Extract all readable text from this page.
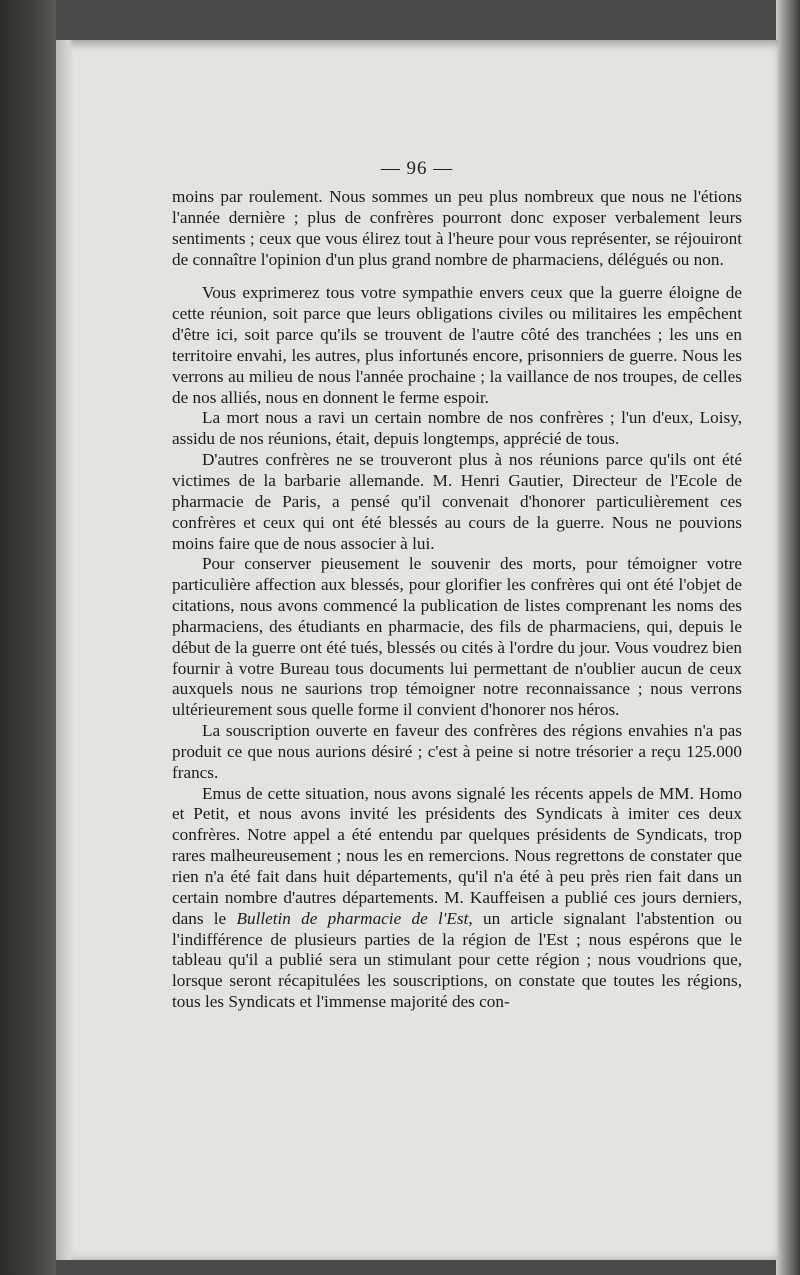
— 96 —

moins par roulement. Nous sommes un peu plus nombreux que nous ne l'étions l'année dernière ; plus de confrères pourront donc exposer verbalement leurs sentiments ; ceux que vous élirez tout à l'heure pour vous représenter, se réjouiront de connaître l'opinion d'un plus grand nombre de pharmaciens, délégués ou non.

Vous exprimerez tous votre sympathie envers ceux que la guerre éloigne de cette réunion, soit parce que leurs obligations civiles ou militaires les empêchent d'être ici, soit parce qu'ils se trouvent de l'autre côté des tranchées ; les uns en territoire envahi, les autres, plus infortunés encore, prisonniers de guerre. Nous les verrons au milieu de nous l'année prochaine ; la vaillance de nos troupes, de celles de nos alliés, nous en donnent le ferme espoir.

La mort nous a ravi un certain nombre de nos confrères ; l'un d'eux, Loisy, assidu de nos réunions, était, depuis longtemps, apprécié de tous.

D'autres confrères ne se trouveront plus à nos réunions parce qu'ils ont été victimes de la barbarie allemande. M. Henri Gautier, Directeur de l'Ecole de pharmacie de Paris, a pensé qu'il convenait d'honorer particulièrement ces confrères et ceux qui ont été blessés au cours de la guerre. Nous ne pouvions moins faire que de nous associer à lui.

Pour conserver pieusement le souvenir des morts, pour témoigner votre particulière affection aux blessés, pour glorifier les confrères qui ont été l'objet de citations, nous avons commencé la publication de listes comprenant les noms des pharmaciens, des étudiants en pharmacie, des fils de pharmaciens, qui, depuis le début de la guerre ont été tués, blessés ou cités à l'ordre du jour. Vous voudrez bien fournir à votre Bureau tous documents lui permettant de n'oublier aucun de ceux auxquels nous ne saurions trop témoigner notre reconnaissance ; nous verrons ultérieurement sous quelle forme il convient d'honorer nos héros.

La souscription ouverte en faveur des confrères des régions envahies n'a pas produit ce que nous aurions désiré ; c'est à peine si notre trésorier a reçu 125.000 francs.

Emus de cette situation, nous avons signalé les récents appels de MM. Homo et Petit, et nous avons invité les présidents des Syndicats à imiter ces deux confrères. Notre appel a été entendu par quelques présidents de Syndicats, trop rares malheureusement ; nous les en remercions. Nous regrettons de constater que rien n'a été fait dans huit départements, qu'il n'a été à peu près rien fait dans un certain nombre d'autres départements. M. Kauffeisen a publié ces jours derniers, dans le Bulletin de pharmacie de l'Est, un article signalant l'abstention ou l'indifférence de plusieurs parties de la région de l'Est ; nous espérons que le tableau qu'il a publié sera un stimulant pour cette région ; nous voudrions que, lorsque seront récapitulées les souscriptions, on constate que toutes les régions, tous les Syndicats et l'immense majorité des con-
